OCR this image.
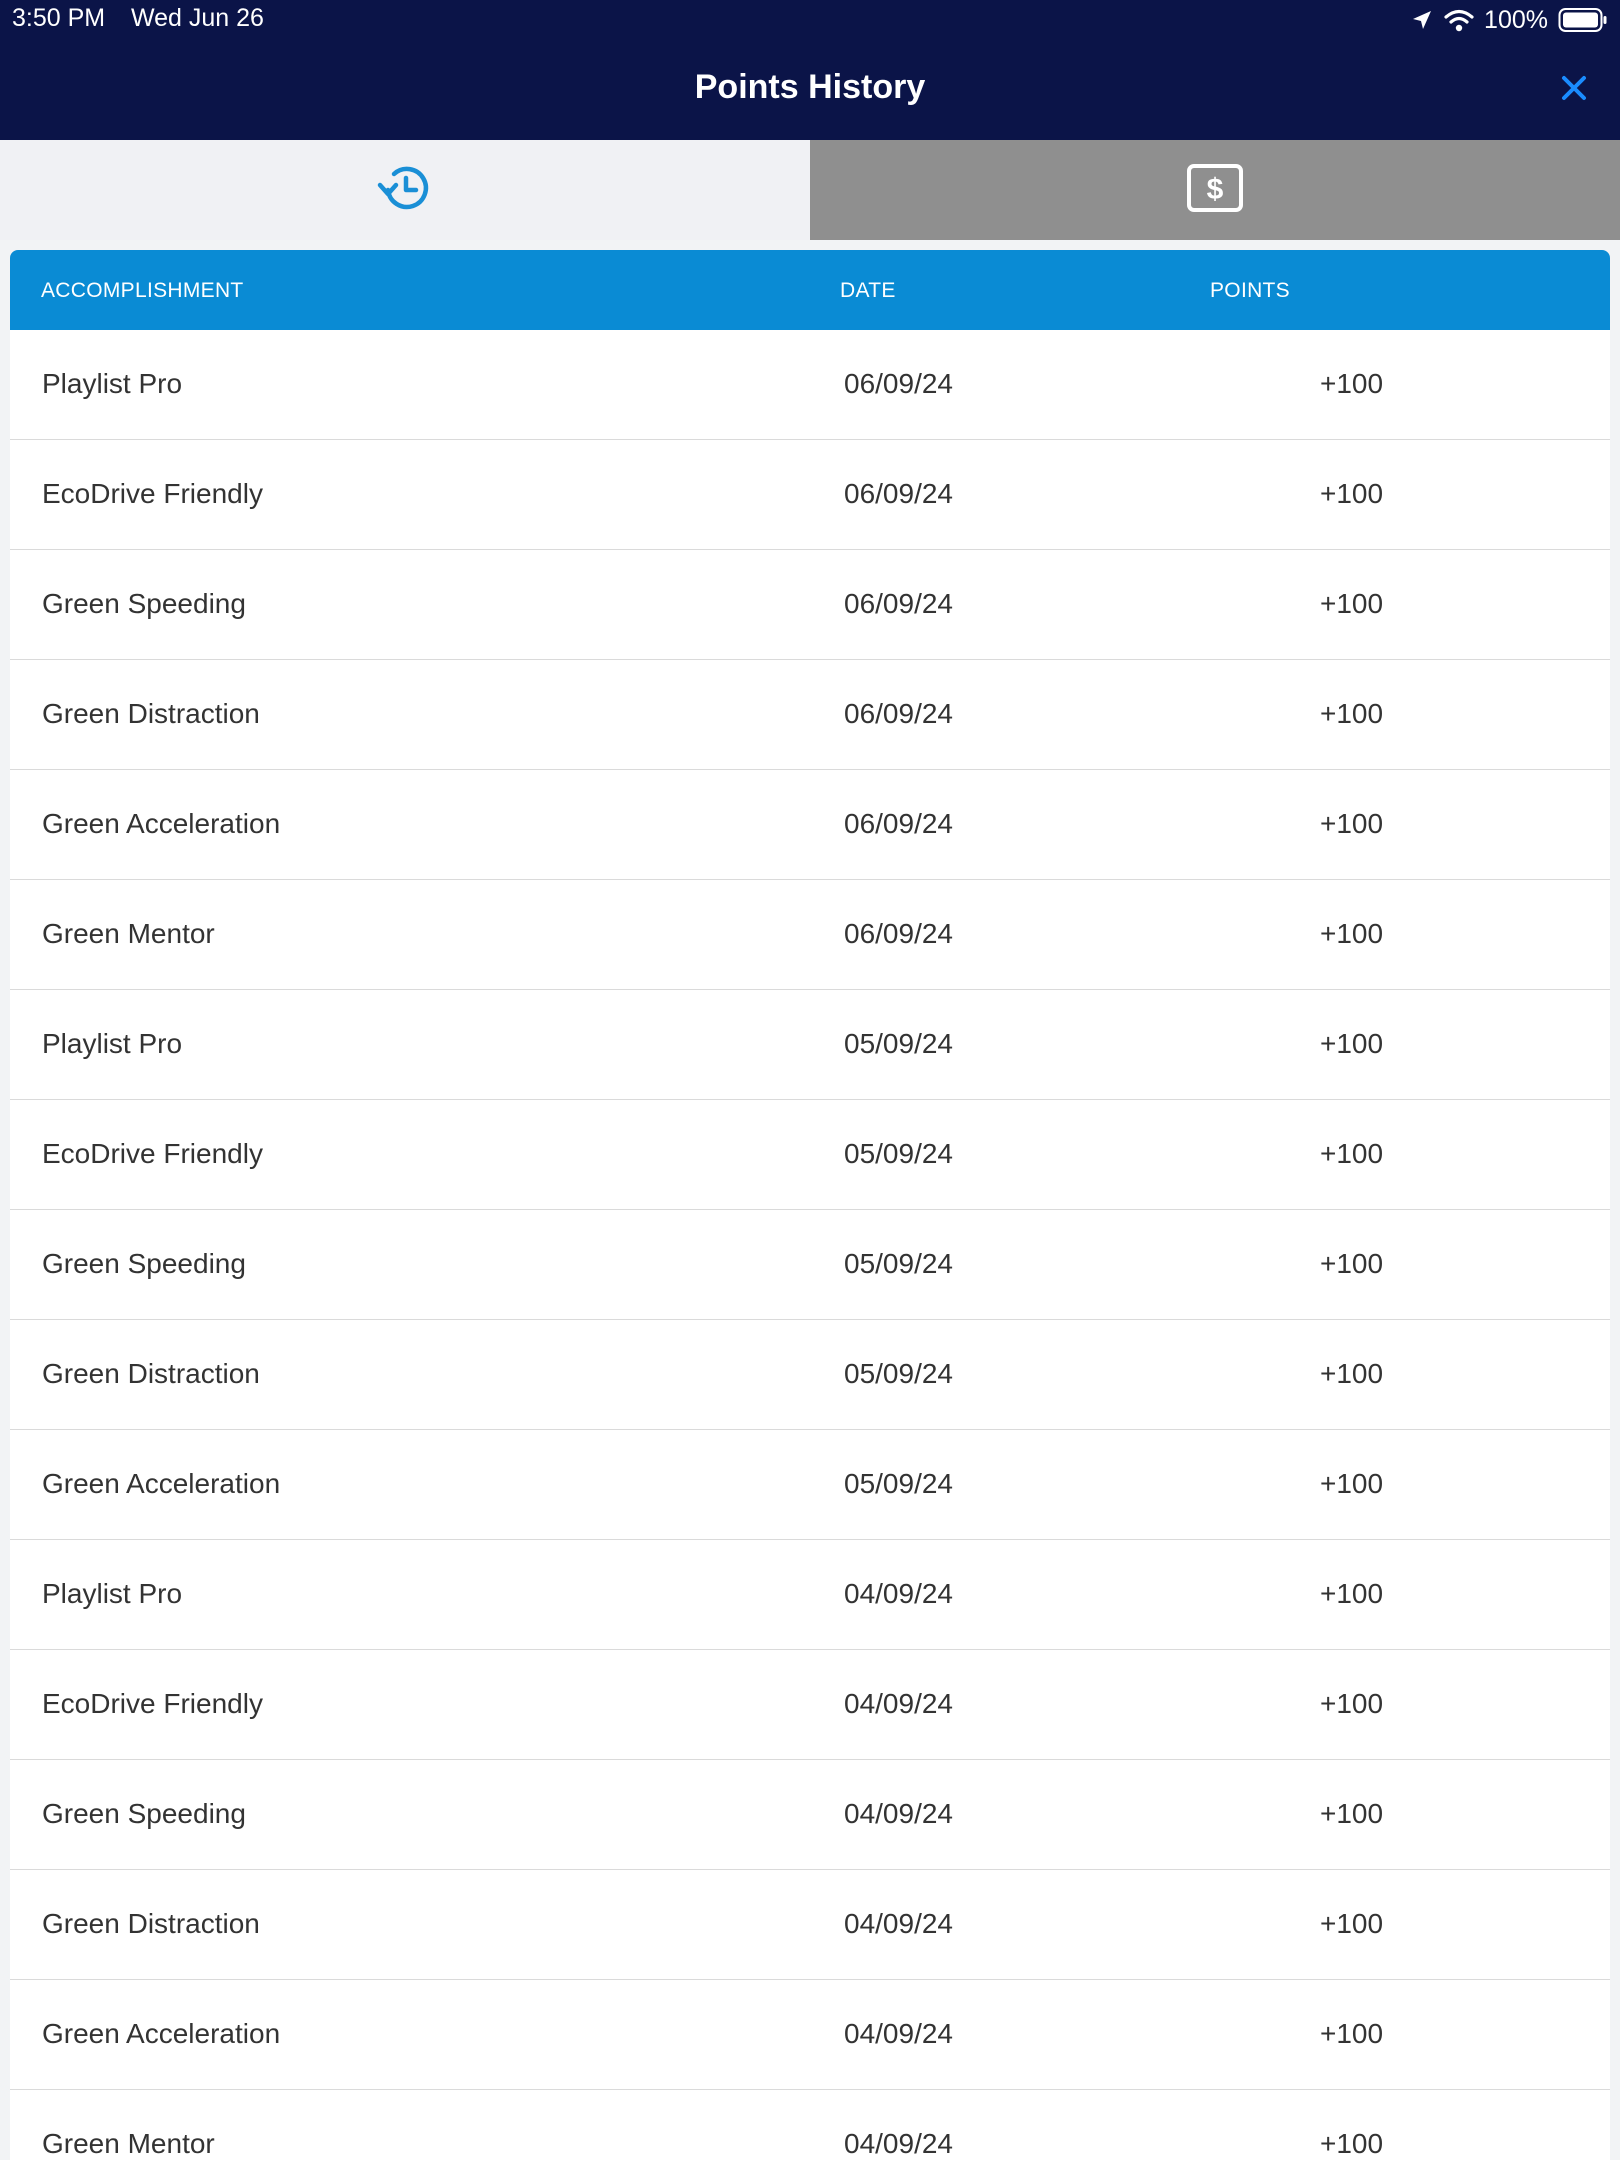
3:50 PM Wed Jun 26	100%
Points History
$
ACCOMPLISHMENT	DATE	POINTS
Playlist Pro	06/09/24	+100
EcoDrive Friendly	06/09/24	+100
Green Speeding	06/09/24	+100
Green Distraction	06/09/24	+100
Green Acceleration	06/09/24	+100
Green Mentor	06/09/24	+100
Playlist Pro	05/09/24	+100
EcoDrive Friendly	05/09/24	+100
Green Speeding	05/09/24	+100
Green Distraction	05/09/24	+100
Green Acceleration	05/09/24	+100
Playlist Pro	04/09/24	+100
EcoDrive Friendly	04/09/24	+100
Green Speeding	04/09/24	+100
Green Distraction	04/09/24	+100
Green Acceleration	04/09/24	+100
Green Mentor	04/09/24	+100
